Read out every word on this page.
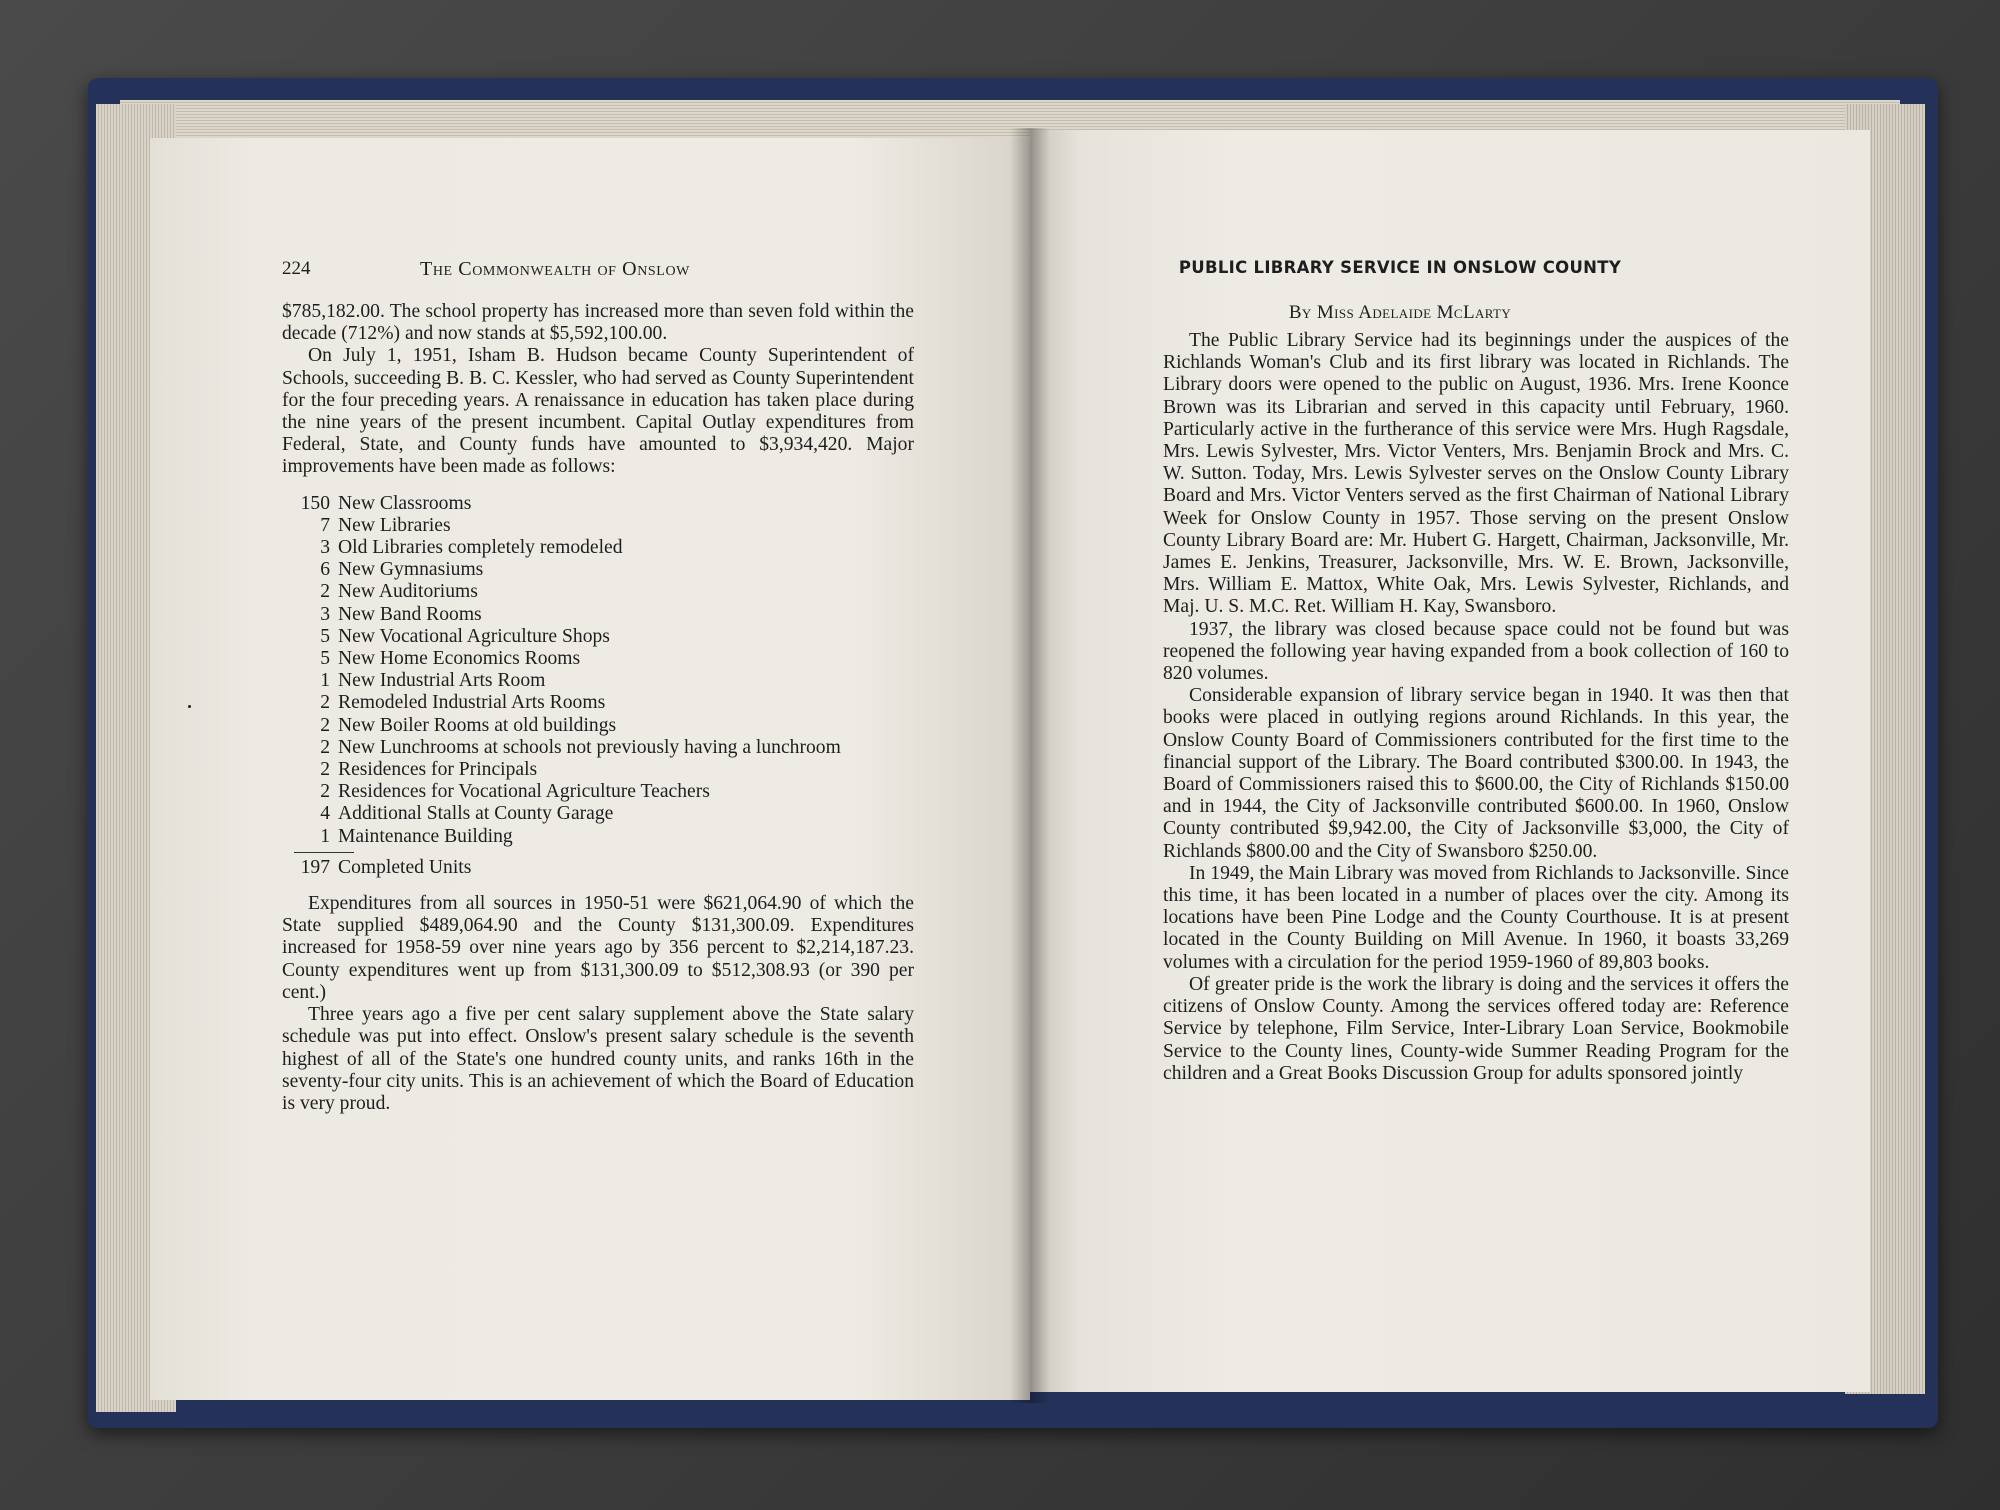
224	The Commonwealth of Onslow

$785,182.00. The school property has increased more than seven fold within the decade (712%) and now stands at $5,592,100.00.

On July 1, 1951, Isham B. Hudson became County Superintendent of Schools, succeeding B. B. C. Kessler, who had served as County Superintendent for the four preceding years. A renaissance in education has taken place during the nine years of the present incumbent. Capital Outlay expenditures from Federal, State, and County funds have amounted to $3,934,420. Major improvements have been made as follows:

150 New Classrooms
7 New Libraries
3 Old Libraries completely remodeled
6 New Gymnasiums
2 New Auditoriums
3 New Band Rooms
5 New Vocational Agriculture Shops
5 New Home Economics Rooms
1 New Industrial Arts Room
2 Remodeled Industrial Arts Rooms
2 New Boiler Rooms at old buildings
2 New Lunchrooms at schools not previously having a lunchroom
2 Residences for Principals
2 Residences for Vocational Agriculture Teachers
4 Additional Stalls at County Garage
1 Maintenance Building
197 Completed Units

Expenditures from all sources in 1950-51 were $621,064.90 of which the State supplied $489,064.90 and the County $131,300.09. Expenditures increased for 1958-59 over nine years ago by 356 percent to $2,214,187.23. County expenditures went up from $131,300.09 to $512,308.93 (or 390 per cent.)

Three years ago a five per cent salary supplement above the State salary schedule was put into effect. Onslow's present salary schedule is the seventh highest of all of the State's one hundred county units, and ranks 16th in the seventy-four city units. This is an achievement of which the Board of Education is very proud.

PUBLIC LIBRARY SERVICE IN ONSLOW COUNTY
By Miss Adelaide McLarty

The Public Library Service had its beginnings under the auspices of the Richlands Woman's Club and its first library was located in Richlands. The Library doors were opened to the public on August, 1936. Mrs. Irene Koonce Brown was its Librarian and served in this capacity until February, 1960. Particularly active in the furtherance of this service were Mrs. Hugh Ragsdale, Mrs. Lewis Sylvester, Mrs. Victor Venters, Mrs. Benjamin Brock and Mrs. C. W. Sutton. Today, Mrs. Lewis Sylvester serves on the Onslow County Library Board and Mrs. Victor Venters served as the first Chairman of National Library Week for Onslow County in 1957. Those serving on the present Onslow County Library Board are: Mr. Hubert G. Hargett, Chairman, Jacksonville, Mr. James E. Jenkins, Treasurer, Jacksonville, Mrs. W. E. Brown, Jacksonville, Mrs. William E. Mattox, White Oak, Mrs. Lewis Sylvester, Richlands, and Maj. U. S. M.C. Ret. William H. Kay, Swansboro.

1937, the library was closed because space could not be found but was reopened the following year having expanded from a book collection of 160 to 820 volumes.

Considerable expansion of library service began in 1940. It was then that books were placed in outlying regions around Richlands. In this year, the Onslow County Board of Commissioners contributed for the first time to the financial support of the Library. The Board contributed $300.00. In 1943, the Board of Commissioners raised this to $600.00, the City of Richlands $150.00 and in 1944, the City of Jacksonville contributed $600.00. In 1960, Onslow County contributed $9,942.00, the City of Jacksonville $3,000, the City of Richlands $800.00 and the City of Swansboro $250.00.

In 1949, the Main Library was moved from Richlands to Jacksonville. Since this time, it has been located in a number of places over the city. Among its locations have been Pine Lodge and the County Courthouse. It is at present located in the County Building on Mill Avenue. In 1960, it boasts 33,269 volumes with a circulation for the period 1959-1960 of 89,803 books.

Of greater pride is the work the library is doing and the services it offers the citizens of Onslow County. Among the services offered today are: Reference Service by telephone, Film Service, Inter-Library Loan Service, Bookmobile Service to the County lines, County-wide Summer Reading Program for the children and a Great Books Discussion Group for adults sponsored jointly
